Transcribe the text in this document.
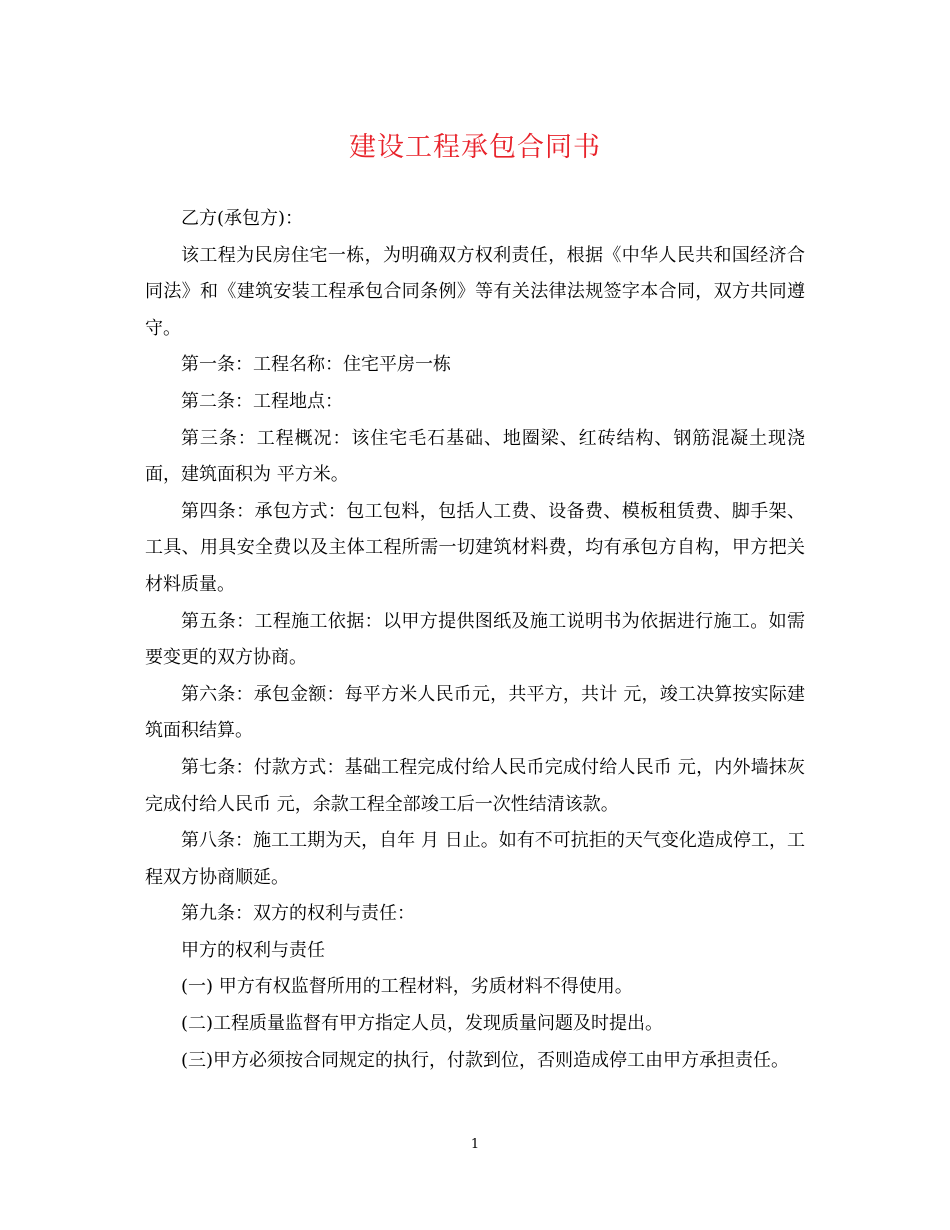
建设工程承包合同书

乙方(承包方)：

该工程为民房住宅一栋，为明确双方权利责任，根据《中华人民共和国经济合同法》和《建筑安装工程承包合同条例》等有关法律法规签字本合同，双方共同遵守。

第一条：工程名称：住宅平房一栋

第二条：工程地点：

第三条：工程概况：该住宅毛石基础、地圈梁、红砖结构、钢筋混凝土现浇面，建筑面积为 平方米。

第四条：承包方式：包工包料，包括人工费、设备费、模板租赁费、脚手架、工具、用具安全费以及主体工程所需一切建筑材料费，均有承包方自构，甲方把关材料质量。

第五条：工程施工依据：以甲方提供图纸及施工说明书为依据进行施工。如需要变更的双方协商。

第六条：承包金额：每平方米人民币元，共平方，共计 元，竣工决算按实际建筑面积结算。

第七条：付款方式：基础工程完成付给人民币完成付给人民币 元，内外墙抹灰完成付给人民币 元，余款工程全部竣工后一次性结清该款。

第八条：施工工期为天，自年 月 日止。如有不可抗拒的天气变化造成停工，工程双方协商顺延。

第九条：双方的权利与责任：

甲方的权利与责任

(一) 甲方有权监督所用的工程材料，劣质材料不得使用。

(二)工程质量监督有甲方指定人员，发现质量问题及时提出。

(三)甲方必须按合同规定的执行，付款到位，否则造成停工由甲方承担责任。

1
